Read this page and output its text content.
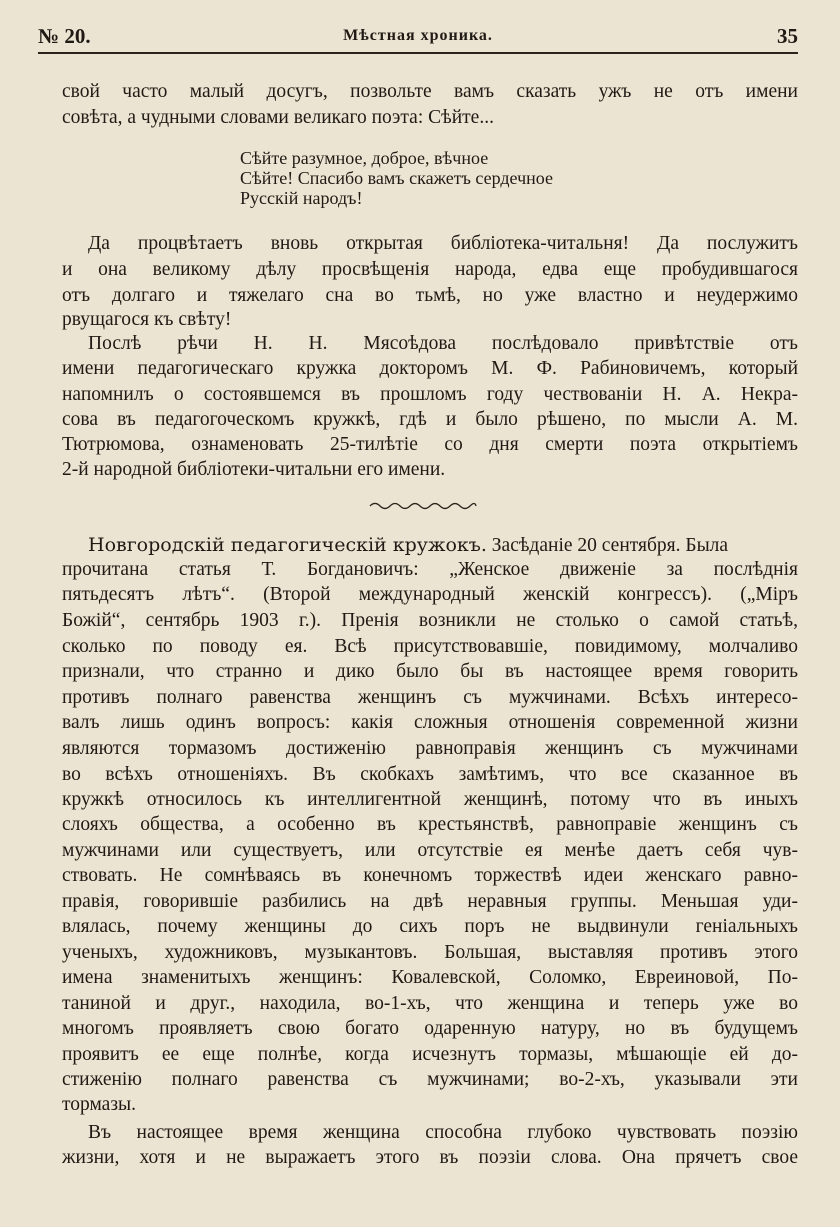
№ 20.	Мѣстная хроника.	35
свой часто малый досугъ, позвольте вамъ сказать ужъ не отъ имени
совѣта, а чудными словами великаго поэта: Сѣйте...
Сѣйте разумное, доброе, вѣчное
Сѣйте! Спасибо вамъ скажетъ сердечное
Русскій народъ!
Да процвѣтаетъ вновь открытая библіотека-читальня! Да послужитъ
и она великому дѣлу просвѣщенія народа, едва еще пробудившагося
отъ долгаго и тяжелаго сна во тьмѣ, но уже властно и неудержимо
рвущагося къ свѣту!
Послѣ рѣчи Н. Н. Мясоѣдова послѣдовало привѣтствіе отъ
имени педагогическаго кружка докторомъ М. Ф. Рабиновичемъ, который
напомнилъ о состоявшемся въ прошломъ году чествованіи Н. А. Некра-
сова въ педагогоческомъ кружкѣ, гдѣ и было рѣшено, по мысли А. М.
Тютрюмова, ознаменовать 25-тилѣтіе со дня смерти поэта открытіемъ
2-й народной библіотеки-читальни его имени.
Новгородскій педагогическій кружокъ. Засѣданіе 20 сентября. Была
прочитана статья Т. Богдановичъ: „Женское движеніе за послѣднія
пятьдесятъ лѣтъ“. (Второй международный женскій конгрессъ). („Міръ
Божій“, сентябрь 1903 г.). Пренія возникли не столько о самой статьѣ,
сколько по поводу ея. Всѣ присутствовавшіе, повидимому, молчаливо
признали, что странно и дико было бы въ настоящее время говорить
противъ полнаго равенства женщинъ съ мужчинами. Всѣхъ интересо-
валъ лишь одинъ вопросъ: какія сложныя отношенія современной жизни
являются тормазомъ достиженію равноправія женщинъ съ мужчинами
во всѣхъ отношеніяхъ. Въ скобкахъ замѣтимъ, что все сказанное въ
кружкѣ относилось къ интеллигентной женщинѣ, потому что въ иныхъ
слояхъ общества, а особенно въ крестьянствѣ, равноправіе женщинъ съ
мужчинами или существуетъ, или отсутствіе ея менѣе даетъ себя чув-
ствовать. Не сомнѣваясь въ конечномъ торжествѣ идеи женскаго равно-
правія, говорившіе разбились на двѣ неравныя группы. Меньшая уди-
влялась, почему женщины до сихъ поръ не выдвинули геніальныхъ
ученыхъ, художниковъ, музыкантовъ. Большая, выставляя противъ этого
имена знаменитыхъ женщинъ: Ковалевской, Соломко, Евреиновой, По-
таниной и друг., находила, во-1-хъ, что женщина и теперь уже во
многомъ проявляетъ свою богато одаренную натуру, но въ будущемъ
проявитъ ее еще полнѣе, когда исчезнутъ тормазы, мѣшающіе ей до-
стиженію полнаго равенства съ мужчинами; во-2-хъ, указывали эти
тормазы.
Въ настоящее время женщина способна глубоко чувствовать поэзію
жизни, хотя и не выражаетъ этого въ поэзіи слова. Она прячетъ свое
